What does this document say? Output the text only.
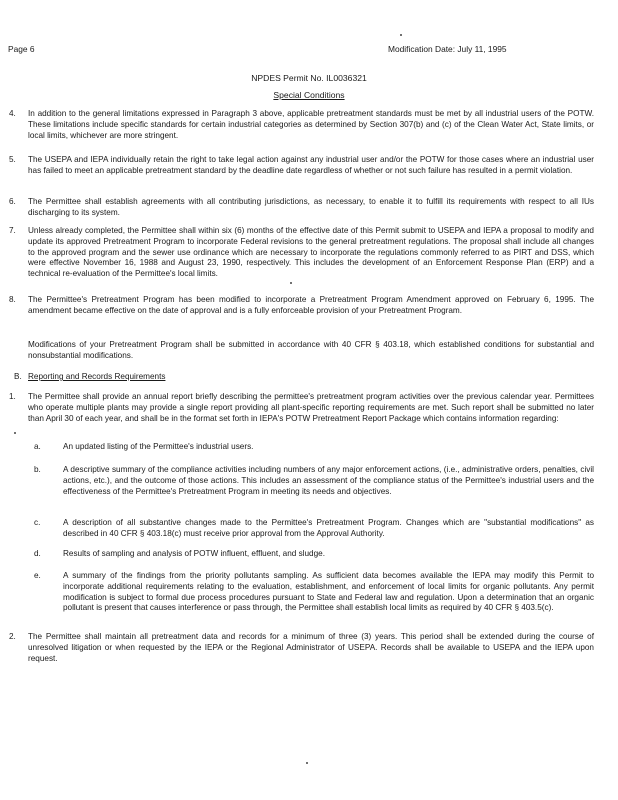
Page 6	Modification Date: July 11, 1995
NPDES Permit No. IL0036321
Special Conditions
4. In addition to the general limitations expressed in Paragraph 3 above, applicable pretreatment standards must be met by all industrial users of the POTW. These limitations include specific standards for certain industrial categories as determined by Section 307(b) and (c) of the Clean Water Act, State limits, or local limits, whichever are more stringent.
5. The USEPA and IEPA individually retain the right to take legal action against any industrial user and/or the POTW for those cases where an industrial user has failed to meet an applicable pretreatment standard by the deadline date regardless of whether or not such failure has resulted in a permit violation.
6. The Permittee shall establish agreements with all contributing jurisdictions, as necessary, to enable it to fulfill its requirements with respect to all IUs discharging to its system.
7. Unless already completed, the Permittee shall within six (6) months of the effective date of this Permit submit to USEPA and IEPA a proposal to modify and update its approved Pretreatment Program to incorporate Federal revisions to the general pretreatment regulations. The proposal shall include all changes to the approved program and the sewer use ordinance which are necessary to incorporate the regulations commonly referred to as PIRT and DSS, which were effective November 16, 1988 and August 23, 1990, respectively. This includes the development of an Enforcement Response Plan (ERP) and a technical re-evaluation of the Permittee's local limits.
8. The Permittee's Pretreatment Program has been modified to incorporate a Pretreatment Program Amendment approved on February 6, 1995. The amendment became effective on the date of approval and is a fully enforceable provision of your Pretreatment Program.
Modifications of your Pretreatment Program shall be submitted in accordance with 40 CFR § 403.18, which established conditions for substantial and nonsubstantial modifications.
B. Reporting and Records Requirements
1. The Permittee shall provide an annual report briefly describing the permittee's pretreatment program activities over the previous calendar year. Permittees who operate multiple plants may provide a single report providing all plant-specific reporting requirements are met. Such report shall be submitted no later than April 30 of each year, and shall be in the format set forth in IEPA's POTW Pretreatment Report Package which contains information regarding:
a.	An updated listing of the Permittee's industrial users.
b.	A descriptive summary of the compliance activities including numbers of any major enforcement actions, (i.e., administrative orders, penalties, civil actions, etc.), and the outcome of those actions. This includes an assessment of the compliance status of the Permittee's industrial users and the effectiveness of the Permittee's Pretreatment Program in meeting its needs and objectives.
c.	A description of all substantive changes made to the Permittee's Pretreatment Program. Changes which are "substantial modifications" as described in 40 CFR § 403.18(c) must receive prior approval from the Approval Authority.
d.	Results of sampling and analysis of POTW influent, effluent, and sludge.
e.	A summary of the findings from the priority pollutants sampling. As sufficient data becomes available the IEPA may modify this Permit to incorporate additional requirements relating to the evaluation, establishment, and enforcement of local limits for organic pollutants. Any permit modification is subject to formal due process procedures pursuant to State and Federal law and regulation. Upon a determination that an organic pollutant is present that causes interference or pass through, the Permittee shall establish local limits as required by 40 CFR § 403.5(c).
2. The Permittee shall maintain all pretreatment data and records for a minimum of three (3) years. This period shall be extended during the course of unresolved litigation or when requested by the IEPA or the Regional Administrator of USEPA. Records shall be available to USEPA and the IEPA upon request.
